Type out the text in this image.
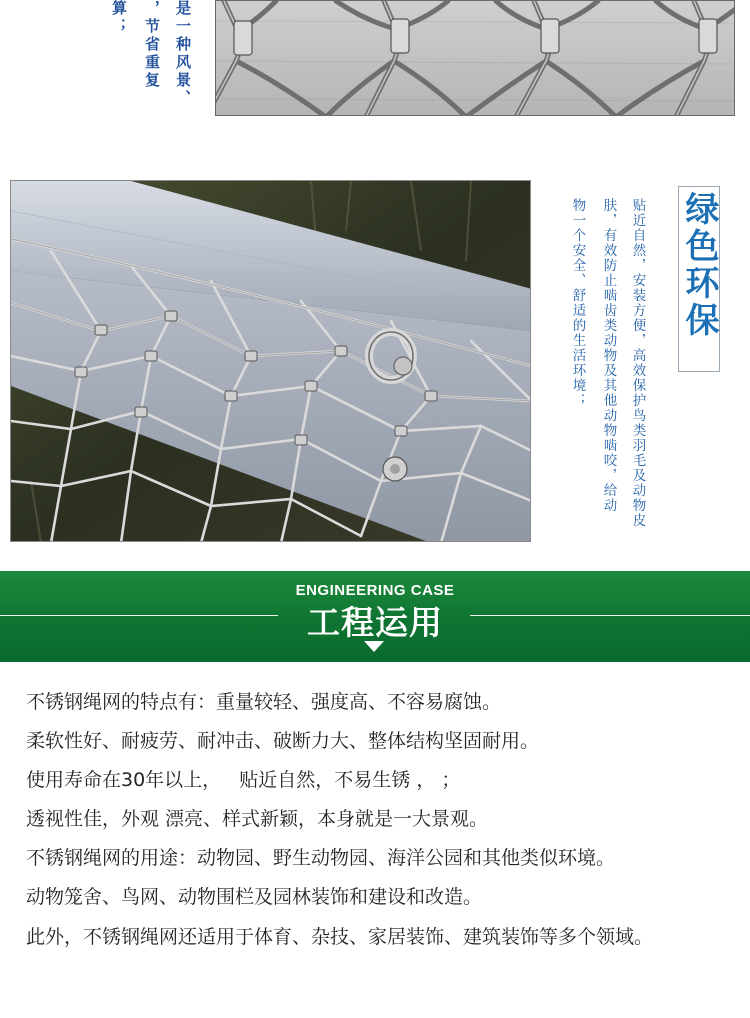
算； ，节省重复 是一种风景、
绿色环保
贴近自然，安装方便，高效保护鸟类羽毛及动物皮
肤，有效防止啮齿类动物及其他动物啮咬，给动
物一个安全、舒适的生活环境；
ENGINEERING CASE
工程运用

不锈钢绳网的特点有：重量较轻、强度高、不容易腐蚀。

柔软性好、耐疲劳、耐冲击、破断力大、整体结构坚固耐用。

使用寿命在30年以上，   贴近自然，不易生锈 ， ；

透视性佳，外观 漂亮、样式新颖，本身就是一大景观。

不锈钢绳网的用途：动物园、野生动物园、海洋公园和其他类似环境。

动物笼舍、鸟网、动物围栏及园林装饰和建设和改造。

此外，不锈钢绳网还适用于体育、杂技、家居装饰、建筑装饰等多个领域。
